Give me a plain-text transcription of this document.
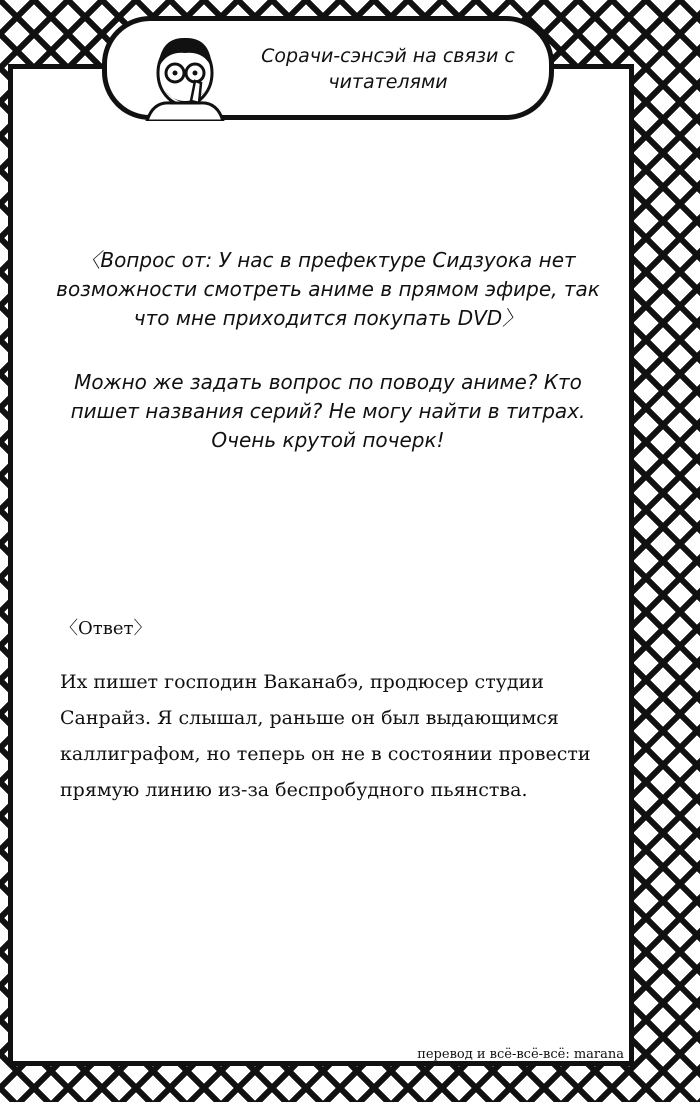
Сорачи-сэнсэй на связи с читателями
〈Вопрос от: У нас в префектуре Сидзуока нет возможности смотреть аниме в прямом эфире, так что мне приходится покупать DVD〉
Можно же задать вопрос по поводу аниме? Кто пишет названия серий? Не могу найти в титрах. Очень крутой почерк!
〈Ответ〉
Их пишет господин Ваканабэ, продюсер студии Санрайз. Я слышал, раньше он был выдающимся каллиграфом, но теперь он не в состоянии провести прямую линию из-за беспробудного пьянства.
перевод и всё-всё-всё: marana
